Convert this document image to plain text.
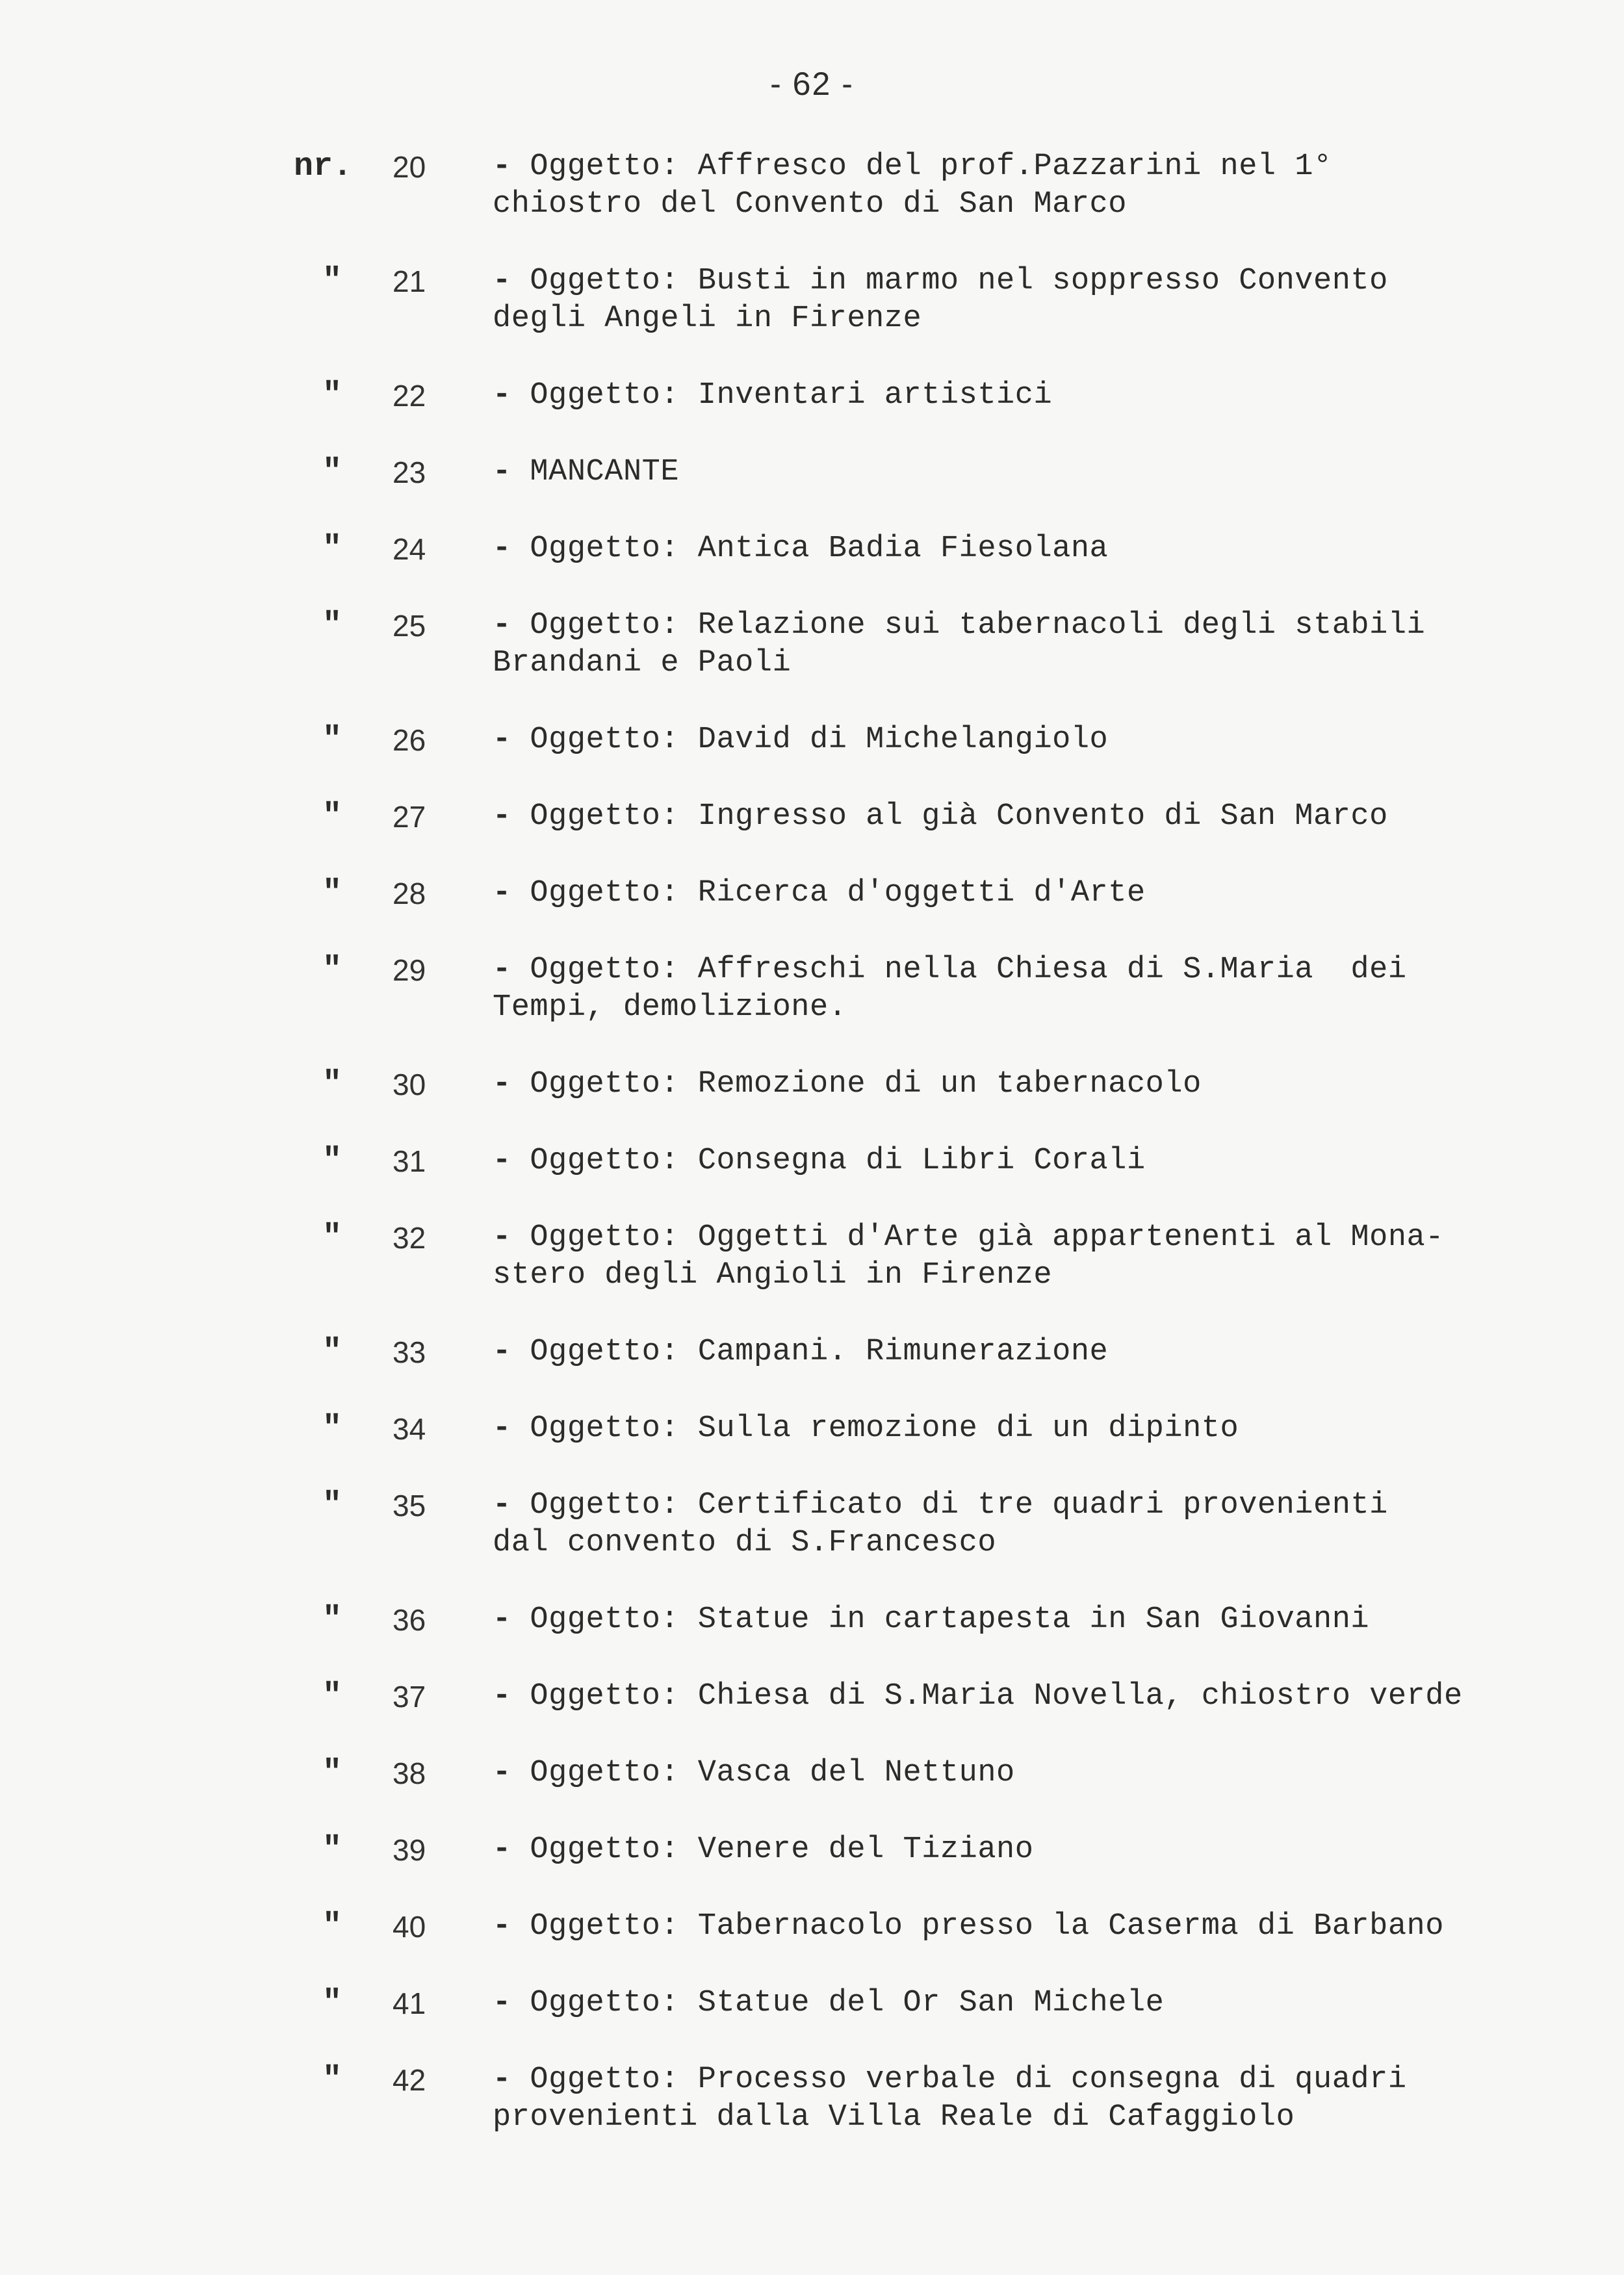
- 62 -
nr.	20	- Oggetto: Affresco del prof.Pazzarini nel 1°
chiostro del Convento di San Marco
"	21	- Oggetto: Busti in marmo nel soppresso Convento
degli Angeli in Firenze
"	22	- Oggetto: Inventari artistici
"	23	- MANCANTE
"	24	- Oggetto: Antica Badia Fiesolana
"	25	- Oggetto: Relazione sui tabernacoli degli stabili
Brandani e Paoli
"	26	- Oggetto: David di Michelangiolo
"	27	- Oggetto: Ingresso al già Convento di San Marco
"	28	- Oggetto: Ricerca d'oggetti d'Arte
"	29	- Oggetto: Affreschi nella Chiesa di S.Maria  dei
Tempi, demolizione.
"	30	- Oggetto: Remozione di un tabernacolo
"	31	- Oggetto: Consegna di Libri Corali
"	32	- Oggetto: Oggetti d'Arte già appartenenti al Mona-
stero degli Angioli in Firenze
"	33	- Oggetto: Campani. Rimunerazione
"	34	- Oggetto: Sulla remozione di un dipinto
"	35	- Oggetto: Certificato di tre quadri provenienti
dal convento di S.Francesco
"	36	- Oggetto: Statue in cartapesta in San Giovanni
"	37	- Oggetto: Chiesa di S.Maria Novella, chiostro verde
"	38	- Oggetto: Vasca del Nettuno
"	39	- Oggetto: Venere del Tiziano
"	40	- Oggetto: Tabernacolo presso la Caserma di Barbano
"	41	- Oggetto: Statue del Or San Michele
"	42	- Oggetto: Processo verbale di consegna di quadri
provenienti dalla Villa Reale di Cafaggiolo
